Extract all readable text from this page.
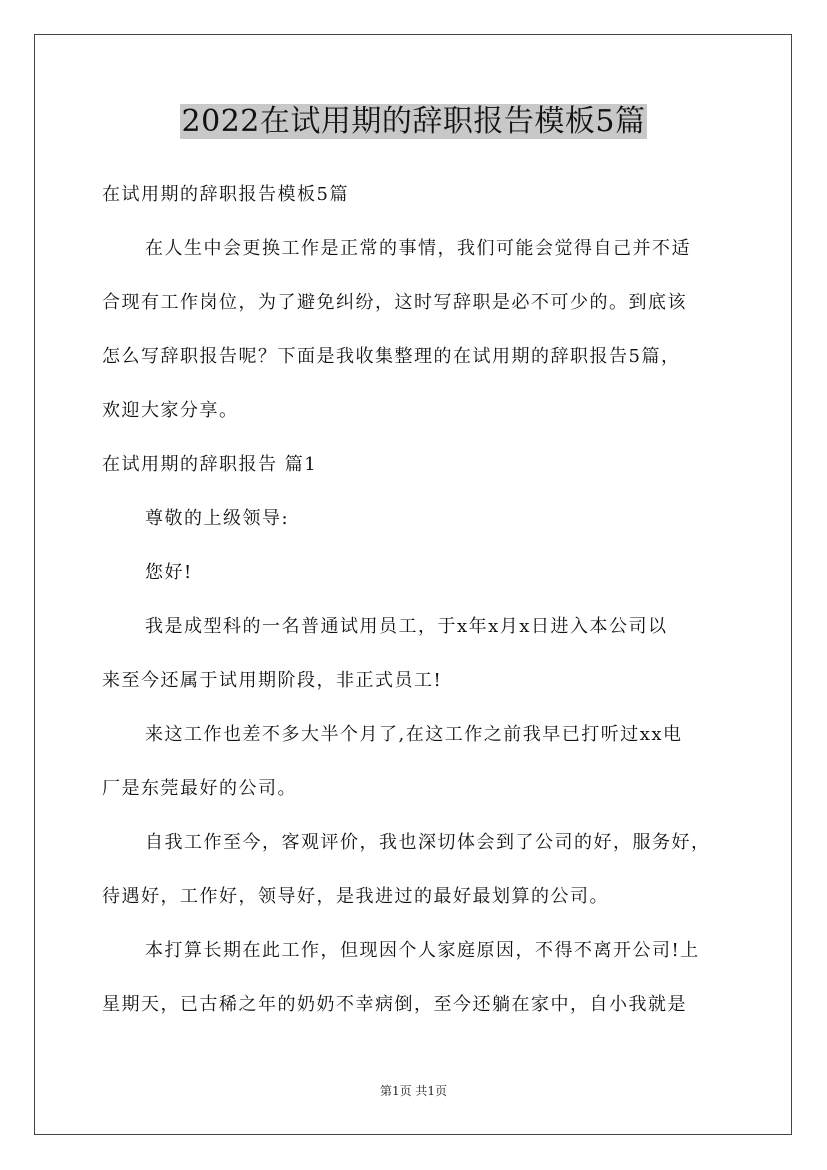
2022在试用期的辞职报告模板5篇
在试用期的辞职报告模板5篇
在人生中会更换工作是正常的事情，我们可能会觉得自己并不适
合现有工作岗位，为了避免纠纷，这时写辞职是必不可少的。到底该
怎么写辞职报告呢？下面是我收集整理的在试用期的辞职报告5篇，
欢迎大家分享。
在试用期的辞职报告 篇1
尊敬的上级领导:
您好!
我是成型科的一名普通试用员工，于x年x月x日进入本公司以
来至今还属于试用期阶段，非正式员工!
来这工作也差不多大半个月了,在这工作之前我早已打听过xx电
厂是东莞最好的公司。
自我工作至今，客观评价，我也深切体会到了公司的好，服务好，
待遇好，工作好，领导好，是我进过的最好最划算的公司。
本打算长期在此工作，但现因个人家庭原因，不得不离开公司!上
星期天，已古稀之年的奶奶不幸病倒，至今还躺在家中，自小我就是
第1页 共1页
